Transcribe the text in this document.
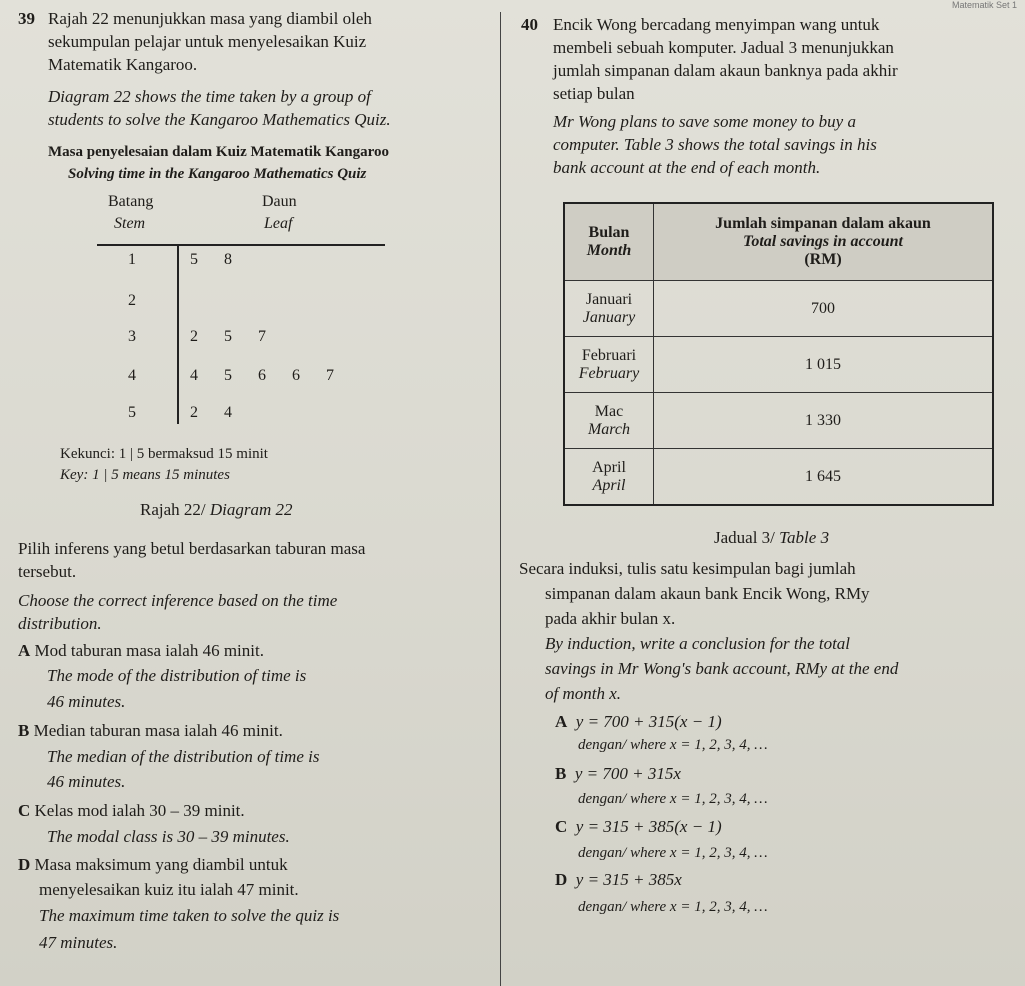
Matematik Set 1
39 Rajah 22 menunjukkan masa yang diambil oleh
sekumpulan pelajar untuk menyelesaikan Kuiz
Matematik Kangaroo.
Diagram 22 shows the time taken by a group of
students to solve the Kangaroo Mathematics Quiz.
Masa penyelesaian dalam Kuiz Matematik Kangaroo
Solving time in the Kangaroo Mathematics Quiz
Batang
Stem
Daun
Leaf
1	5 8
2
3	2 5 7
4	4 5 6 6 7
5	2 4
Kekunci: 1 | 5 bermaksud 15 minit
Key: 1 | 5 means 15 minutes
Rajah 22/ Diagram 22
Pilih inferens yang betul berdasarkan taburan masa
tersebut.
Choose the correct inference based on the time
distribution.
A Mod taburan masa ialah 46 minit.
The mode of the distribution of time is
46 minutes.
B Median taburan masa ialah 46 minit.
The median of the distribution of time is
46 minutes.
C Kelas mod ialah 30 – 39 minit.
The modal class is 30 – 39 minutes.
D Masa maksimum yang diambil untuk
menyelesaikan kuiz itu ialah 47 minit.
The maximum time taken to solve the quiz is
47 minutes.
40 Encik Wong bercadang menyimpan wang untuk
membeli sebuah komputer. Jadual 3 menunjukkan
jumlah simpanan dalam akaun banknya pada akhir
setiap bulan
Mr Wong plans to save some money to buy a
computer. Table 3 shows the total savings in his
bank account at the end of each month.
Bulan
Month	Jumlah simpanan dalam akaun
Total savings in account
(RM)

Januari
January	700

Februari
February	1 015

Mac
March	1 330

April
April	1 645
Jadual 3/ Table 3
Secara induksi, tulis satu kesimpulan bagi jumlah
simpanan dalam akaun bank Encik Wong, RMy
pada akhir bulan x.
By induction, write a conclusion for the total
savings in Mr Wong's bank account, RMy at the end
of month x.
A y = 700 + 315(x − 1)
dengan/ where x = 1, 2, 3, 4, …
B y = 700 + 315x
dengan/ where x = 1, 2, 3, 4, …
C y = 315 + 385(x − 1)
dengan/ where x = 1, 2, 3, 4, …
D y = 315 + 385x
dengan/ where x = 1, 2, 3, 4, …
